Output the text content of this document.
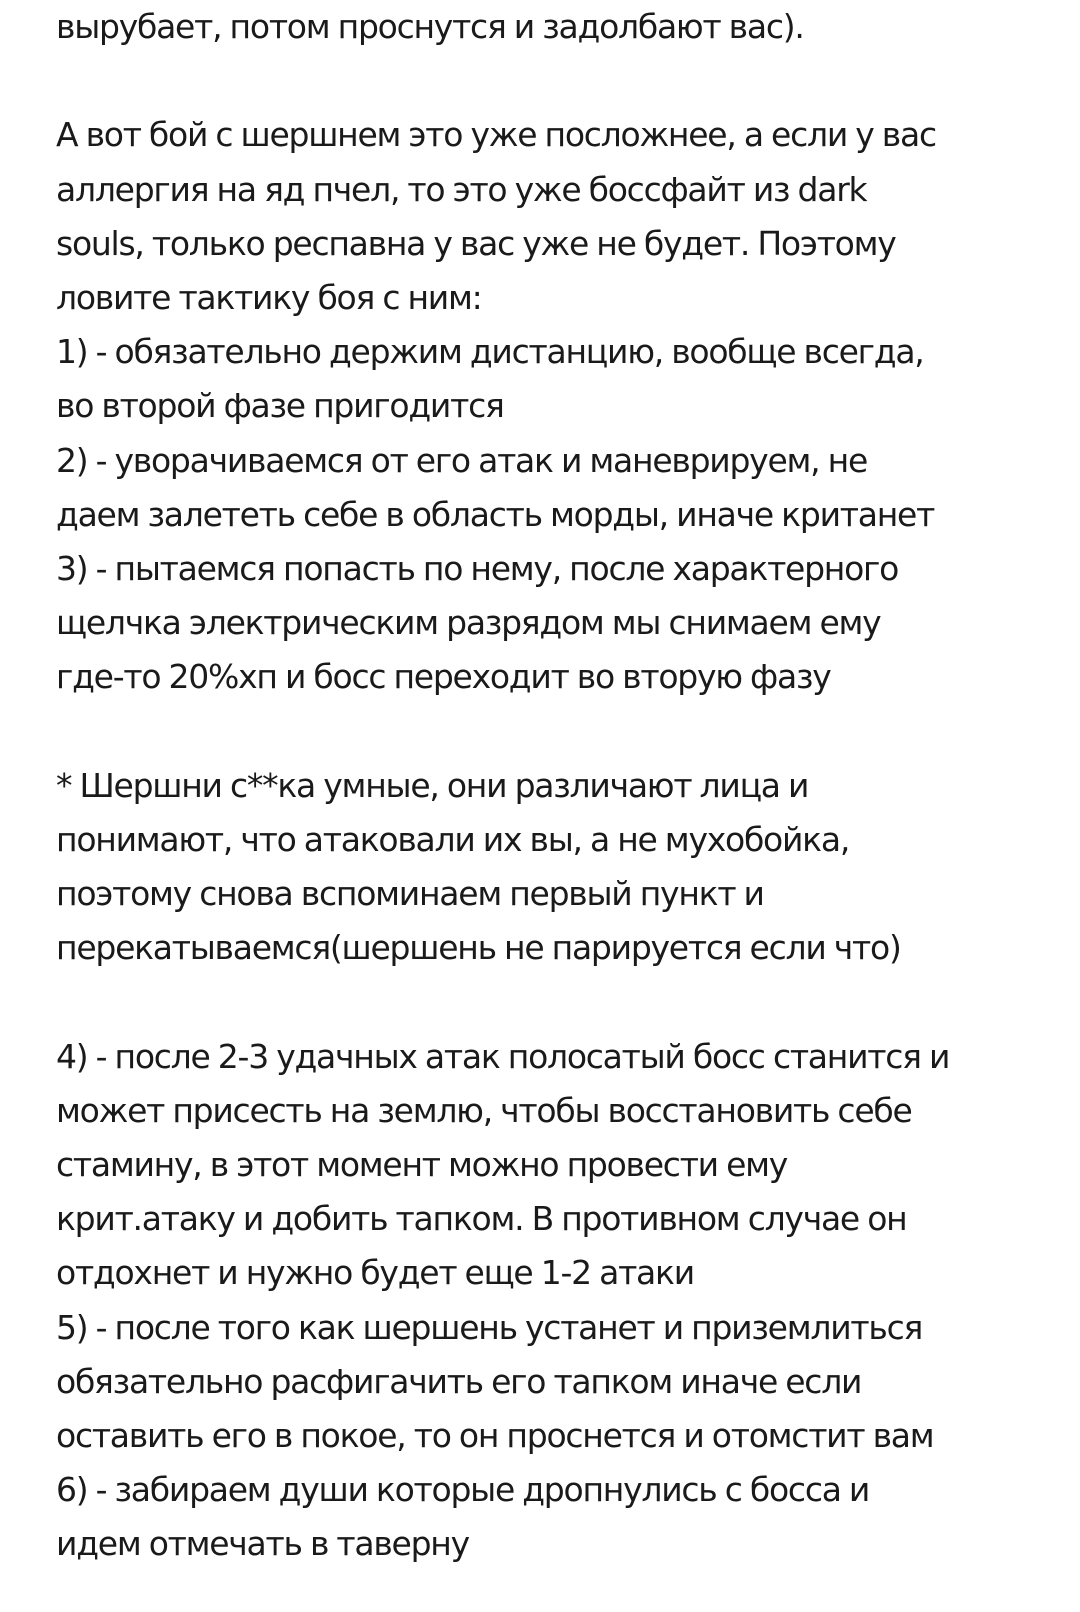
вырубает, потом проснутся и задолбают вас).
А вот бой с шершнем это уже посложнее, а если у вас
аллергия на яд пчел, то это уже боссфайт из dark
souls, только респавна у вас уже не будет. Поэтому
ловите тактику боя с ним:
1) - обязательно держим дистанцию, вообще всегда,
во второй фазе пригодится
2) - уворачиваемся от его атак и маневрируем, не
даем залететь себе в область морды, иначе кританет
3) - пытаемся попасть по нему, после характерного
щелчка электрическим разрядом мы снимаем ему
где-то 20%хп и босс переходит во вторую фазу
* Шершни с**ка умные, они различают лица и
понимают, что атаковали их вы, а не мухобойка,
поэтому снова вспоминаем первый пункт и
перекатываемся(шершень не парируется если что)
4) - после 2-3 удачных атак полосатый босс станится и
может присесть на землю, чтобы восстановить себе
стамину, в этот момент можно провести ему
крит.атаку и добить тапком. В противном случае он
отдохнет и нужно будет еще 1-2 атаки
5) - после того как шершень устанет и приземлиться
обязательно расфигачить его тапком иначе если
оставить его в покое, то он проснется и отомстит вам
6) - забираем души которые дропнулись с босса и
идем отмечать в таверну
